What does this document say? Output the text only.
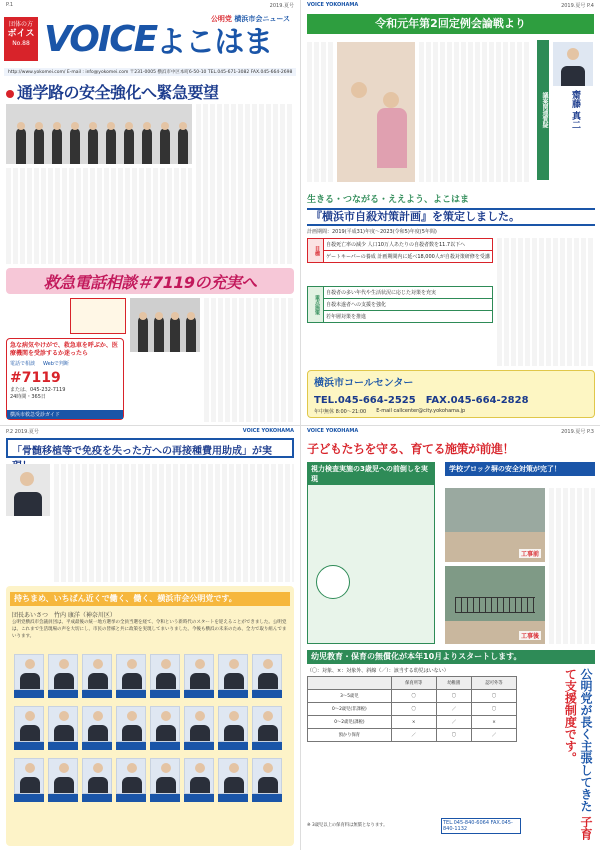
P.1	2019.夏号
団体の方
ボイス
No.88 VOICE よこはま
公明党 横浜市会ニュース
http://www.yokomei.com/ E-mail : info@yokomei.com 〒231-0005 横浜市中区本町6-50-10 TEL.045-671-3082 FAX.045-664-2698
通学路の安全強化へ緊急要望
救急電話相談＃7119の充実へ
急な病気やけがで、救急車を呼ぶか、医療機関を受診するか迷ったら
電話で相談 Webで判断
#7119
または、045-232-7119
24時間・365日
横浜市救急受診ガイド
VOICE YOKOHAMA	2019.夏号 P.4
令和元年第2回定例会論戦より
議案関連質疑 齋藤 真二
生きる・つながる・ええよう、よこはま
『横浜市自殺対策計画』を策定しました。
計画期間：2019(平成31)年度〜2023(令和5)年度(5年間)
目標	自殺死亡率の減少 人口10万人あたりの自殺者数を11.7以下へ
ゲートキーパーの養成 計画期間内に延べ18,000人が自殺対策研修を受講
重点施策	自殺者の多い年代や生活状況に応じた対策を充実
自殺未遂者への支援を強化
若年層対策を推進
横浜市コールセンター
TEL.045-664-2525 FAX.045-664-2828
年中無休 8:00〜21:00 E-mail callcenter@city.yokohama.jp
P.2 2019.夏号	VOICE YOKOHAMA
「骨髄移植等で免疫を失った方への再接種費用助成」が実
持ちまめ、いちばん近くで働く、働く、横浜市会公明党です。
団長あいさつ　竹内 康洋（神奈川区）
公明党横浜市会議員団は、平成最後の統一地方選挙の全員当選を経て、令和という新時代のスタートを迎えることができました。公明党は、これまで生活現場の声を大切にし、市民の皆様と共に政策を実現してまいりました。今後も横浜の未来のため、全力で取り組んでまいります。
VOICE YOKOHAMA	2019.夏号 P.3
子どもたちを守る、育てる施策が前進！
視力検査実施の3歳児への前倒しを実現
学校ブロック塀の安全対策が完了！
工事前
工事後
幼児教育・保育の無償化が本年10月よりスタートします。
（〇：対象、×：対象外、斜線（／）：該当する幼児はいない）
	保育所等	幼稚園	認可外等
3〜5歳児	〇	〇	〇
0〜2歳児(非課税)	〇	／	〇
0〜2歳児(課税)	×	／	×
預かり保育	／	〇	／	公明党が長く主張してきた 子育て支援制度です。
※ 3歳児以上の保育料は無償となります。	TEL.045-840-6064 FAX.045-840-1132
